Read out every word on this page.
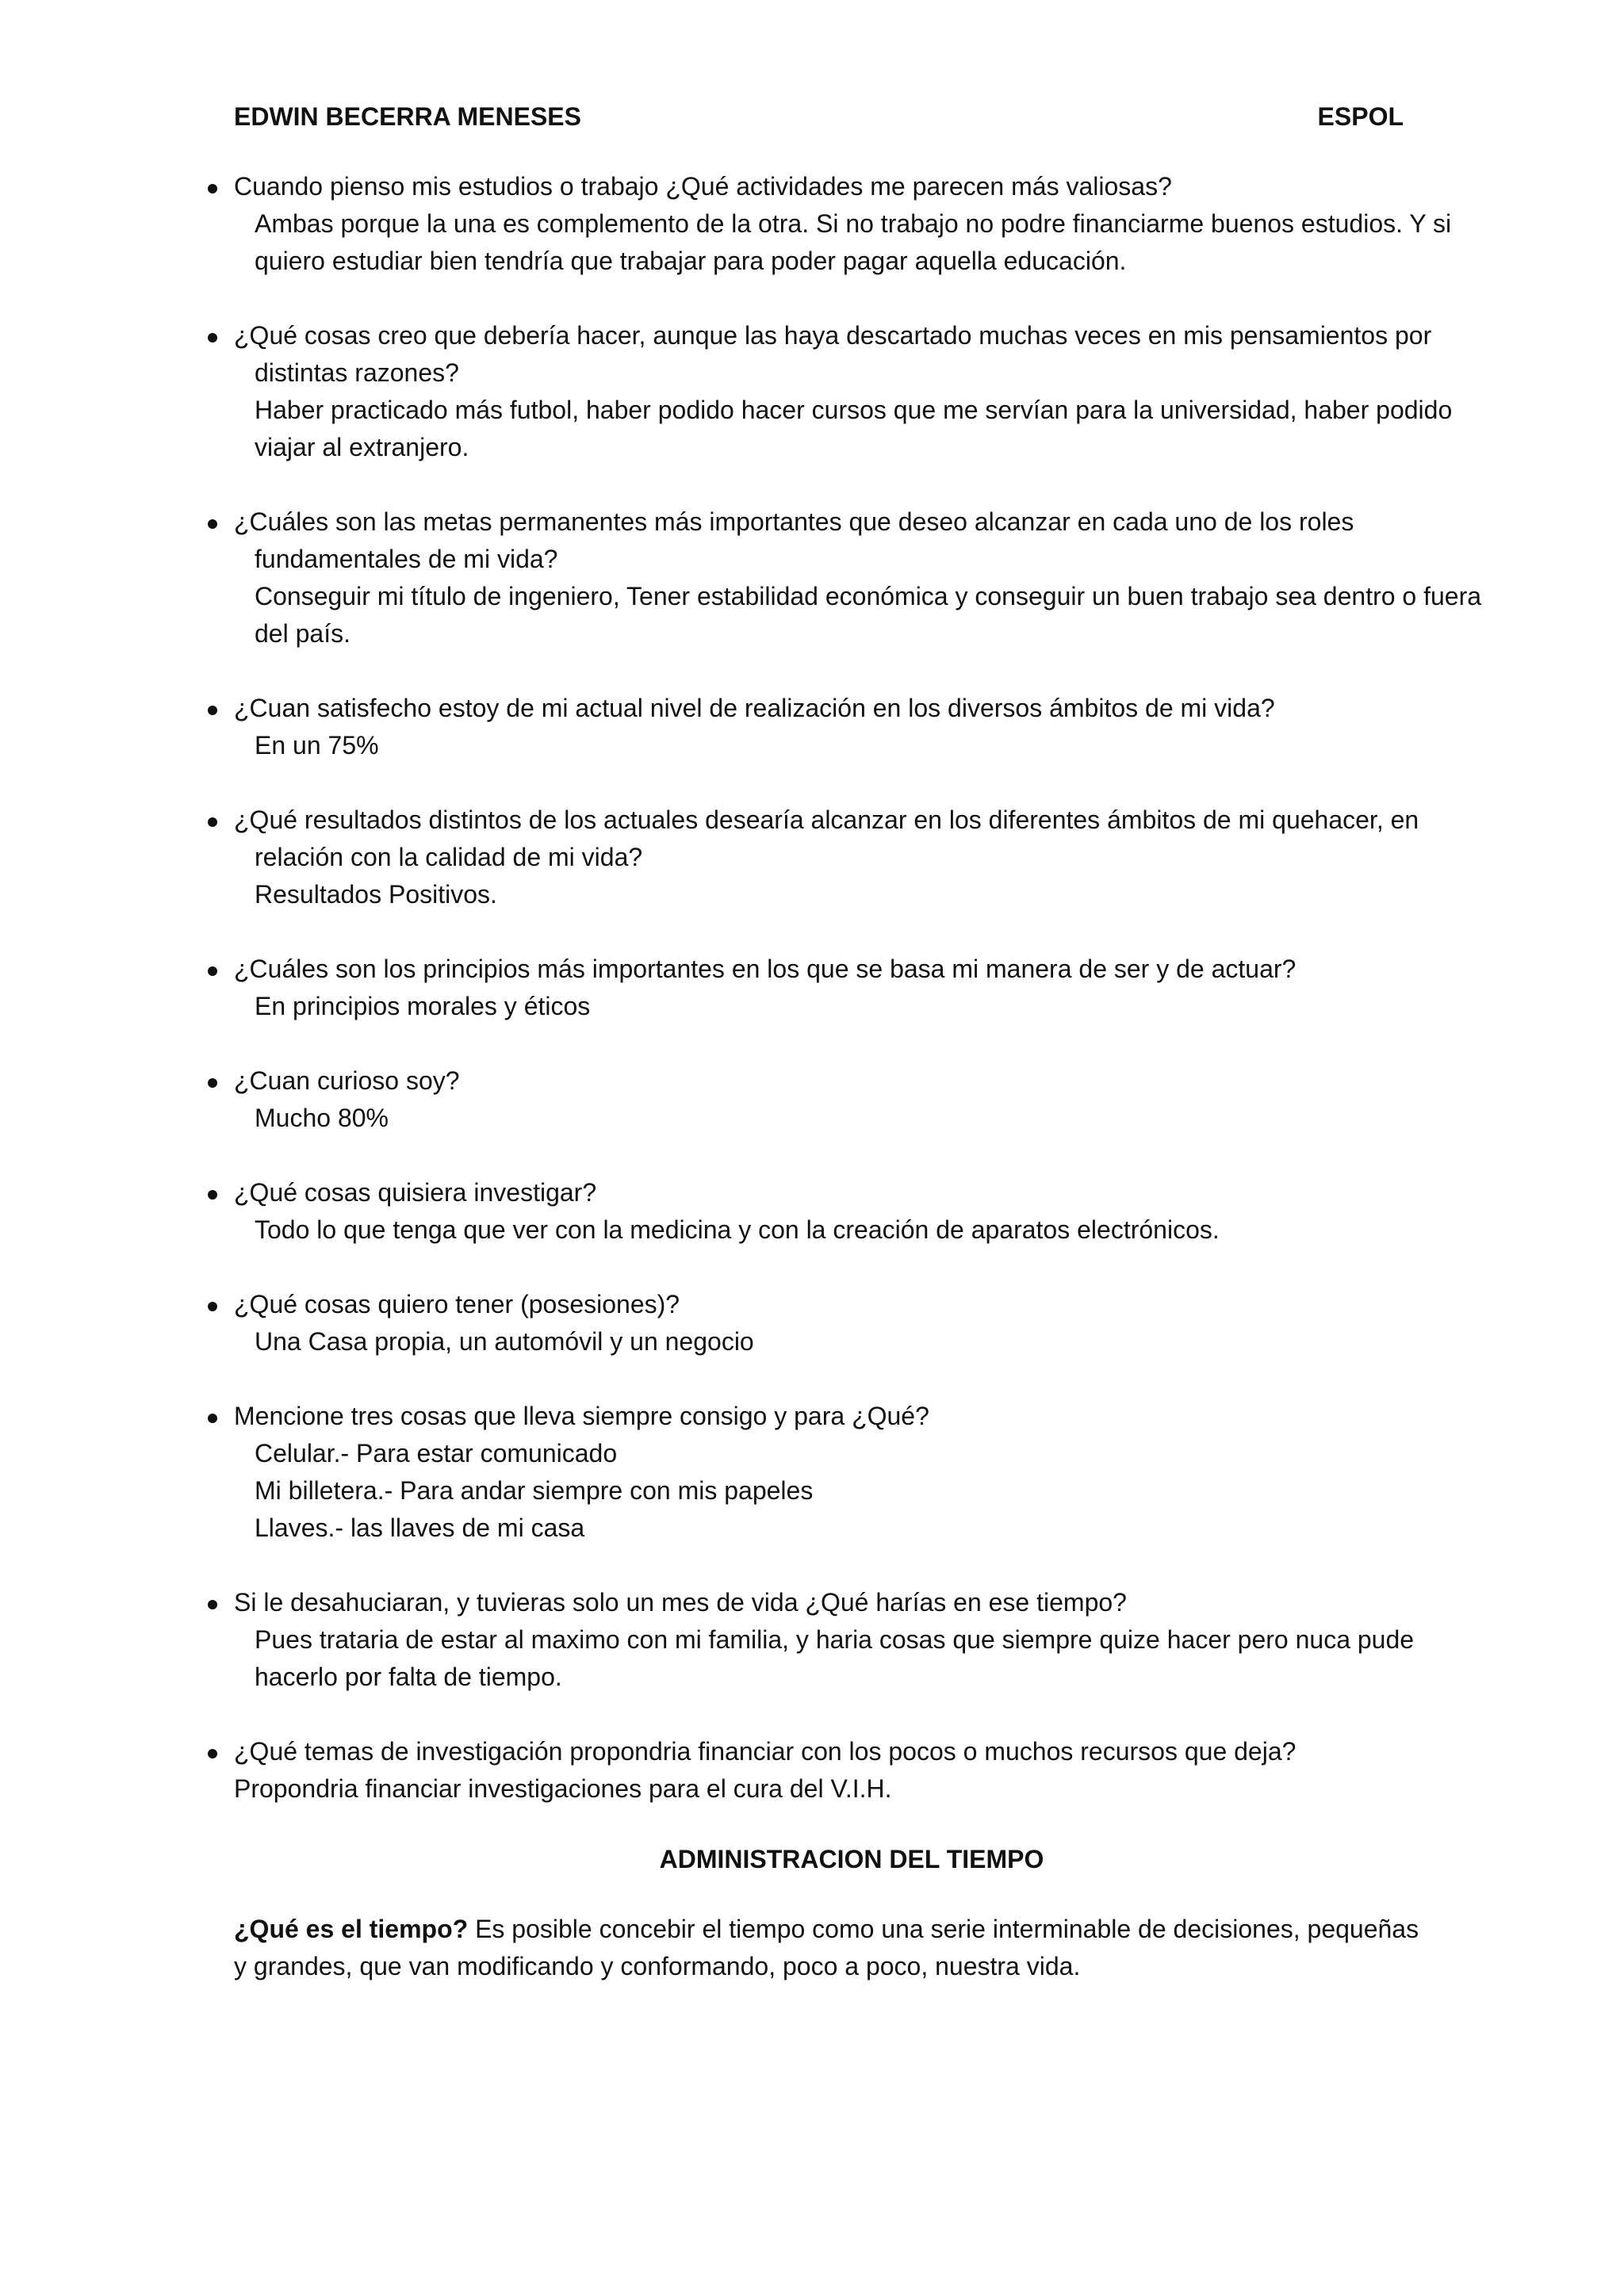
EDWIN BECERRA MENESES	ESPOL
Cuando pienso mis estudios o trabajo ¿Qué actividades me parecen más valiosas?
Ambas porque la una es complemento de la otra. Si no trabajo no podre financiarme buenos estudios. Y si quiero estudiar bien tendría que trabajar para poder pagar aquella educación.
¿Qué cosas creo que debería hacer, aunque las haya descartado muchas veces en mis pensamientos por distintas razones?
Haber practicado más futbol, haber podido hacer cursos que me servían para la universidad, haber podido viajar al extranjero.
¿Cuáles son las metas permanentes más importantes que deseo alcanzar en cada uno de los roles fundamentales de mi vida?
Conseguir mi título de ingeniero, Tener estabilidad económica y conseguir un buen trabajo sea dentro o fuera del país.
¿Cuan satisfecho estoy de mi actual nivel de realización en los diversos ámbitos de mi vida?
En un 75%
¿Qué resultados distintos de los actuales desearía alcanzar en los diferentes ámbitos de mi quehacer, en relación con la calidad de mi vida?
Resultados Positivos.
¿Cuáles son los principios más importantes en los que se basa mi manera de ser y de actuar?
En principios morales y éticos
¿Cuan curioso soy?
Mucho 80%
¿Qué cosas quisiera investigar?
Todo lo que tenga que ver con la medicina y con la creación de aparatos electrónicos.
¿Qué cosas quiero tener (posesiones)?
Una Casa propia, un automóvil y un negocio
Mencione tres cosas que lleva siempre consigo y para ¿Qué?
Celular.- Para estar comunicado
Mi billetera.- Para andar siempre con mis papeles
Llaves.- las llaves de mi casa
Si le desahuciaran, y tuvieras solo un mes de vida ¿Qué harías en ese tiempo?
Pues trataria de estar al maximo con mi familia, y haria cosas que siempre quize hacer pero nuca pude hacerlo por falta de tiempo.
¿Qué temas de investigación propondria financiar con los pocos o muchos recursos que deja?
Propondria financiar investigaciones para el cura del V.I.H.
ADMINISTRACION DEL TIEMPO
¿Qué es el tiempo? Es posible concebir el tiempo como una serie interminable de decisiones, pequeñas y grandes, que van modificando y conformando, poco a poco, nuestra vida.
